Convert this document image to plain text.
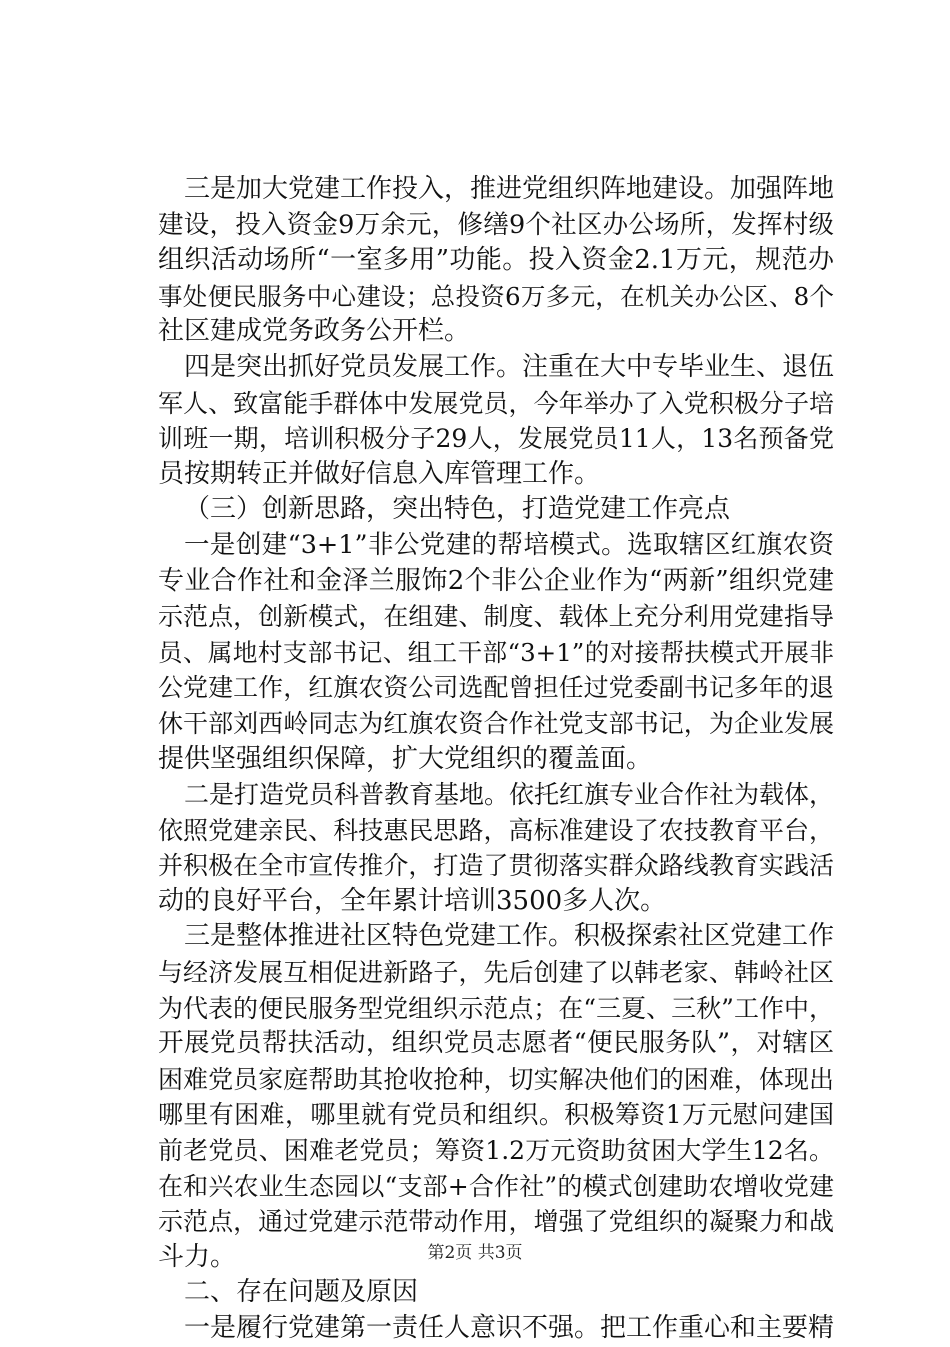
三是加大党建工作投入，推进党组织阵地建设。加强阵地
建设，投入资金9万余元，修缮9个社区办公场所，发挥村级
组织活动场所“一室多用”功能。投入资金2.1万元，规范办
事处便民服务中心建设；总投资6万多元，在机关办公区、8个
社区建成党务政务公开栏。
四是突出抓好党员发展工作。注重在大中专毕业生、退伍
军人、致富能手群体中发展党员，今年举办了入党积极分子培
训班一期，培训积极分子29人，发展党员11人，13名预备党
员按期转正并做好信息入库管理工作。
（三）创新思路，突出特色，打造党建工作亮点
一是创建“3+1”非公党建的帮培模式。选取辖区红旗农资
专业合作社和金泽兰服饰2个非公企业作为“两新”组织党建
示范点，创新模式，在组建、制度、载体上充分利用党建指导
员、属地村支部书记、组工干部“3+1”的对接帮扶模式开展非
公党建工作，红旗农资公司选配曾担任过党委副书记多年的退
休干部刘西岭同志为红旗农资合作社党支部书记，为企业发展
提供坚强组织保障，扩大党组织的覆盖面。
二是打造党员科普教育基地。依托红旗专业合作社为载体，
依照党建亲民、科技惠民思路，高标准建设了农技教育平台，
并积极在全市宣传推介，打造了贯彻落实群众路线教育实践活
动的良好平台，全年累计培训3500多人次。
三是整体推进社区特色党建工作。积极探索社区党建工作
与经济发展互相促进新路子，先后创建了以韩老家、韩岭社区
为代表的便民服务型党组织示范点；在“三夏、三秋”工作中，
开展党员帮扶活动，组织党员志愿者“便民服务队”，对辖区
困难党员家庭帮助其抢收抢种，切实解决他们的困难，体现出
哪里有困难，哪里就有党员和组织。积极筹资1万元慰问建国
前老党员、困难老党员；筹资1.2万元资助贫困大学生12名。
在和兴农业生态园以“支部+合作社”的模式创建助农增收党建
示范点，通过党建示范带动作用，增强了党组织的凝聚力和战
斗力。
二、存在问题及原因
一是履行党建第一责任人意识不强。把工作重心和主要精
第2页 共3页
